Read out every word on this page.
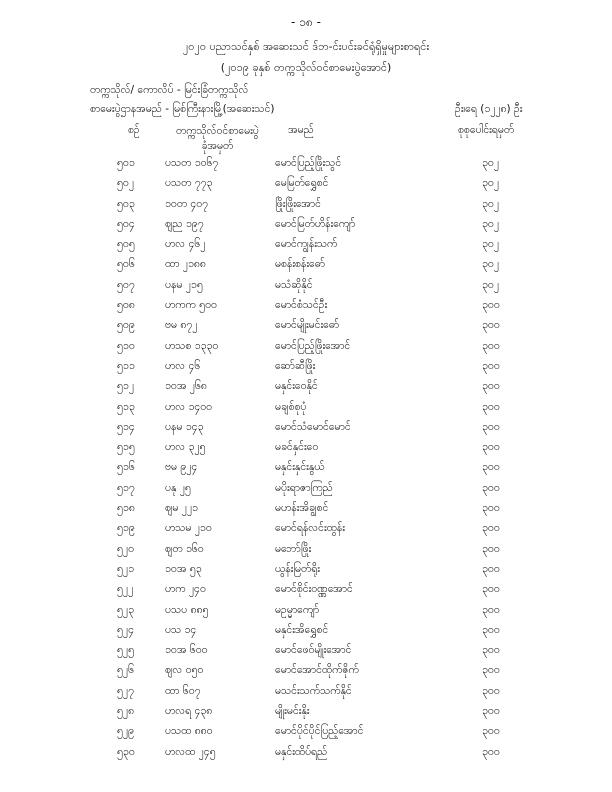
- ၁၈ -
၂၀၂၀ ပညာသင်နှစ် အဆေးသင် ဒ်ဘ-င်းပင်းခင်ရုံရှိမှုများစာရင်း
(၂၀၁၉ ခုနှစ် တက္ကသိုလ်ဝင်စာမေးပွဲအောင်)
တက္ကသိုလ်/ ကောလိပ် - မြင်းခြံတက္ကသိုလ်
စာမေးပွဲဌာနအမည် - မြစ်ကြီးနားမြို့(အဆေးသင်)	ဦး၊ရေ (၁၂၂၈) ဦး
စဉ်	တက္ကသိုလ်ဝင်စာမေးပွဲ
ခုံအမှတ်
အမည်	စုစုပေါင်းရမှတ်
၅၀၁	ပသတ ၁၀၆၇	မောင်ပြည့်ဖြိုးသွင်	၃၀၂
၅၀၂	ပသတ ၇၇၃	မေမြတ်ရွှေစင်	၃၀၂
၅၀၃	၁၀တ ၄၀၇	ဖြိုးဖြိုးအောင်	၃၀၂
၅၀၄	ဈည ၁၉၇	မောင်မြတ်ဟိန်းကျော်	၃၀၂
၅၀၅	ဟလ ၄၆၂	မောင်ကျွန်းသက်	၃၀၂
၅၀၆	ထာ ၂၁၈၈	မစန်းစန်းဓော်	၃၀၂
၅၀၇	ပနမ ၂၁၅	မသံဆိုနိုင်	၃၀၂
၅၀၈	ဟကက ၅၀၀	မောင်စံသင်ဦး	၃၀၀
၅၀၉	ဗမ ၈၇၂	မောင်မျိုးမင်းဓော်	၃၀၀
၅၁၀	ဟသစ ၁၃၃၀	မောင်ပြည့်ဖြိုးအောင်	၃၀၀
၅၁၁	ဟလ ၄၆	ဆော်ဆီဖြိုး	၃၀၀
၅၁၂	၁၀အ ၂၆၈	မနှင်းဝေနိုင်	၃၀၀
၅၁၃	ဟလ ၁၄၀၀	မချစ်စုပုံ	၃၀၀
၅၁၄	ပနမ ၁၄၃	မောင်သံမောင်မောင်	၃၀၀
၅၁၅	ဟလ ၃၂၅	မခင်နှင်းဝေ	၃၀၀
၅၁၆	ဗမ ၉၂၄	မနှင်းနှင်းနွယ်	၃၀၀
၅၁၇	ပနု ၂၅	မပိုးရာဇာကြည်	၃၀၀
၅၁၈	ဈမ ၂၂၁	မဟန်းအိချွစင်	၃၀၀
၅၁၉	ဟသမ ၂၁၀	မောင်ရန်လင်းထွန်း	၃၀၀
၅၂၀	ဈတ ၁၆၀	မဘော်ဖြိုး	၃၀၀
၅၂၁	၁၀အ ၅၃	ယွန်းမြတ်ရိုး	၃၀၀
၅၂၂	ဟက ၂၄၀	မောင်စိုင်းဝဏ္ဏအောင်	၃၀၀
၅၂၃	ပသပ ၈၈၅	မဥမ္မာကျော်	၃၀၀
၅၂၄	ပသ ၁၄	မနှင်းအိရွှေစင်	၃၀၀
၅၂၅	၁၀အ ၆၀၀	မောင်ဖေဝ်မျိုးအောင်	၃၀၀
၅၂၆	ဈလ ၀၅၀	မောင်အောင်ထိုက်ဇိုက်	၃၀၀
၅၂၇	ထာ ၆၀၇	မသင်းသက်သက်နိုင်	၃၀၀
၅၂၈	ဟလရ ၄၃၈	မျိုးမင်းနိုး	၃၀၀
၅၂၉	ပသထ ၈၈၀	မောင်ပိုင်ပိုင်ပြည့်အောင်	၃၀၀
၅၃၀	ဟလထ ၂၄၅	မနှင်းထိပ်ရည်	၃၀၀
